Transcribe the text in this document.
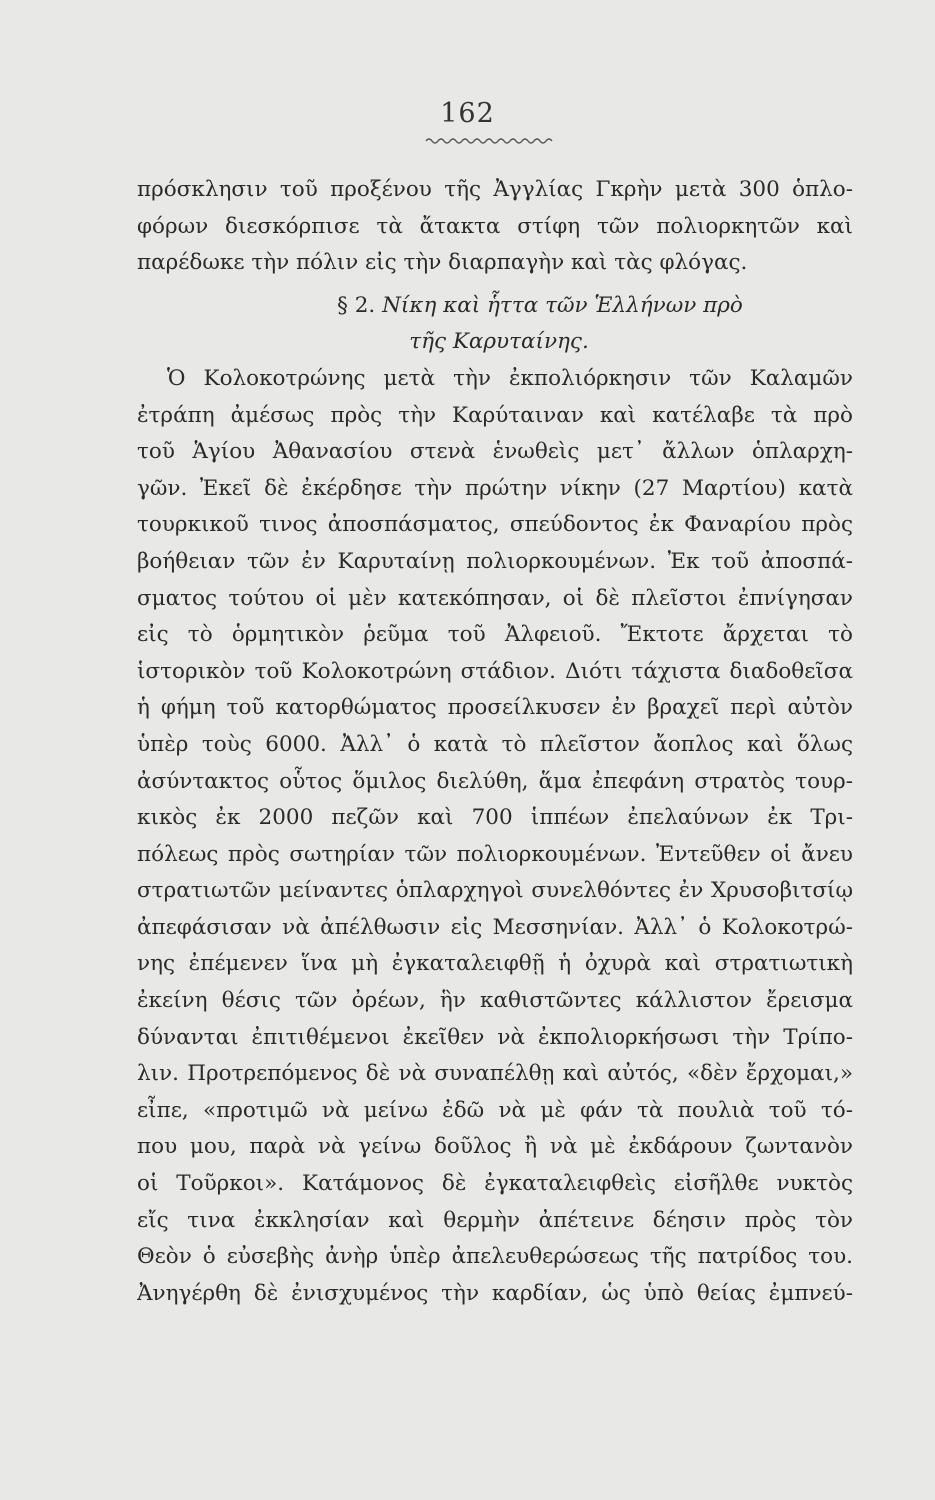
162
πρόσκλησιν τοῦ προξένου τῆς Ἀγγλίας Γκρὴν μετὰ 300 ὁπλο-
φόρων διεσκόρπισε τὰ ἄτακτα στίφη τῶν πολιορκητῶν καὶ
παρέδωκε τὴν πόλιν εἰς τὴν διαρπαγὴν καὶ τὰς φλόγας.
§ 2. Νίκη καὶ ἧττα τῶν Ἑλλήνων πρὸ
τῆς Καρυταίνης.
Ὁ Κολοκοτρώνης μετὰ τὴν ἐκπολιόρκησιν τῶν Καλαμῶν
ἐτράπη ἀμέσως πρὸς τὴν Καρύταιναν καὶ κατέλαβε τὰ πρὸ
τοῦ Ἁγίου Ἀθανασίου στενὰ ἑνωθεὶς μετ᾽ ἄλλων ὁπλαρχη-
γῶν. Ἐκεῖ δὲ ἐκέρδησε τὴν πρώτην νίκην (27 Μαρτίου) κατὰ
τουρκικοῦ τινος ἀποσπάσματος, σπεύδοντος ἐκ Φαναρίου πρὸς
βοήθειαν τῶν ἐν Καρυταίνῃ πολιορκουμένων. Ἐκ τοῦ ἀποσπά-
σματος τούτου οἱ μὲν κατεκόπησαν, οἱ δὲ πλεῖστοι ἐπνίγησαν
εἰς τὸ ὁρμητικὸν ῥεῦμα τοῦ Ἀλφειοῦ. Ἔκτοτε ἄρχεται τὸ
ἱστορικὸν τοῦ Κολοκοτρώνη στάδιον. Διότι τάχιστα διαδοθεῖσα
ἡ φήμη τοῦ κατορθώματος προσείλκυσεν ἐν βραχεῖ περὶ αὐτὸν
ὑπὲρ τοὺς 6000. Ἀλλ᾽ ὁ κατὰ τὸ πλεῖστον ἄοπλος καὶ ὅλως
ἀσύντακτος οὗτος ὅμιλος διελύθη, ἅμα ἐπεφάνη στρατὸς τουρ-
κικὸς ἐκ 2000 πεζῶν καὶ 700 ἱππέων ἐπελαύνων ἐκ Τρι-
πόλεως πρὸς σωτηρίαν τῶν πολιορκουμένων. Ἐντεῦθεν οἱ ἄνευ
στρατιωτῶν μείναντες ὁπλαρχηγοὶ συνελθόντες ἐν Χρυσοβιτσίῳ
ἀπεφάσισαν νὰ ἀπέλθωσιν εἰς Μεσσηνίαν. Ἀλλ᾽ ὁ Κολοκοτρώ-
νης ἐπέμενεν ἵνα μὴ ἐγκαταλειφθῇ ἡ ὀχυρὰ καὶ στρατιωτικὴ
ἐκείνη θέσις τῶν ὀρέων, ἣν καθιστῶντες κάλλιστον ἔρεισμα
δύνανται ἐπιτιθέμενοι ἐκεῖθεν νὰ ἐκπολιορκήσωσι τὴν Τρίπο-
λιν. Προτρεπόμενος δὲ νὰ συναπέλθῃ καὶ αὐτός, «δὲν ἔρχομαι,»
εἶπε, «προτιμῶ νὰ μείνω ἐδῶ νὰ μὲ φάν τὰ πουλιὰ τοῦ τό-
που μου, παρὰ νὰ γείνω δοῦλος ἢ νὰ μὲ ἐκδάρουν ζωντανὸν
οἱ Τοῦρκοι». Κατάμονος δὲ ἐγκαταλειφθεὶς εἰσῆλθε νυκτὸς
εἴς τινα ἐκκλησίαν καὶ θερμὴν ἀπέτεινε δέησιν πρὸς τὸν
Θεὸν ὁ εὐσεβὴς ἀνὴρ ὑπὲρ ἀπελευθερώσεως τῆς πατρίδος του.
Ἀνηγέρθη δὲ ἐνισχυμένος τὴν καρδίαν, ὡς ὑπὸ θείας ἐμπνεύ-
